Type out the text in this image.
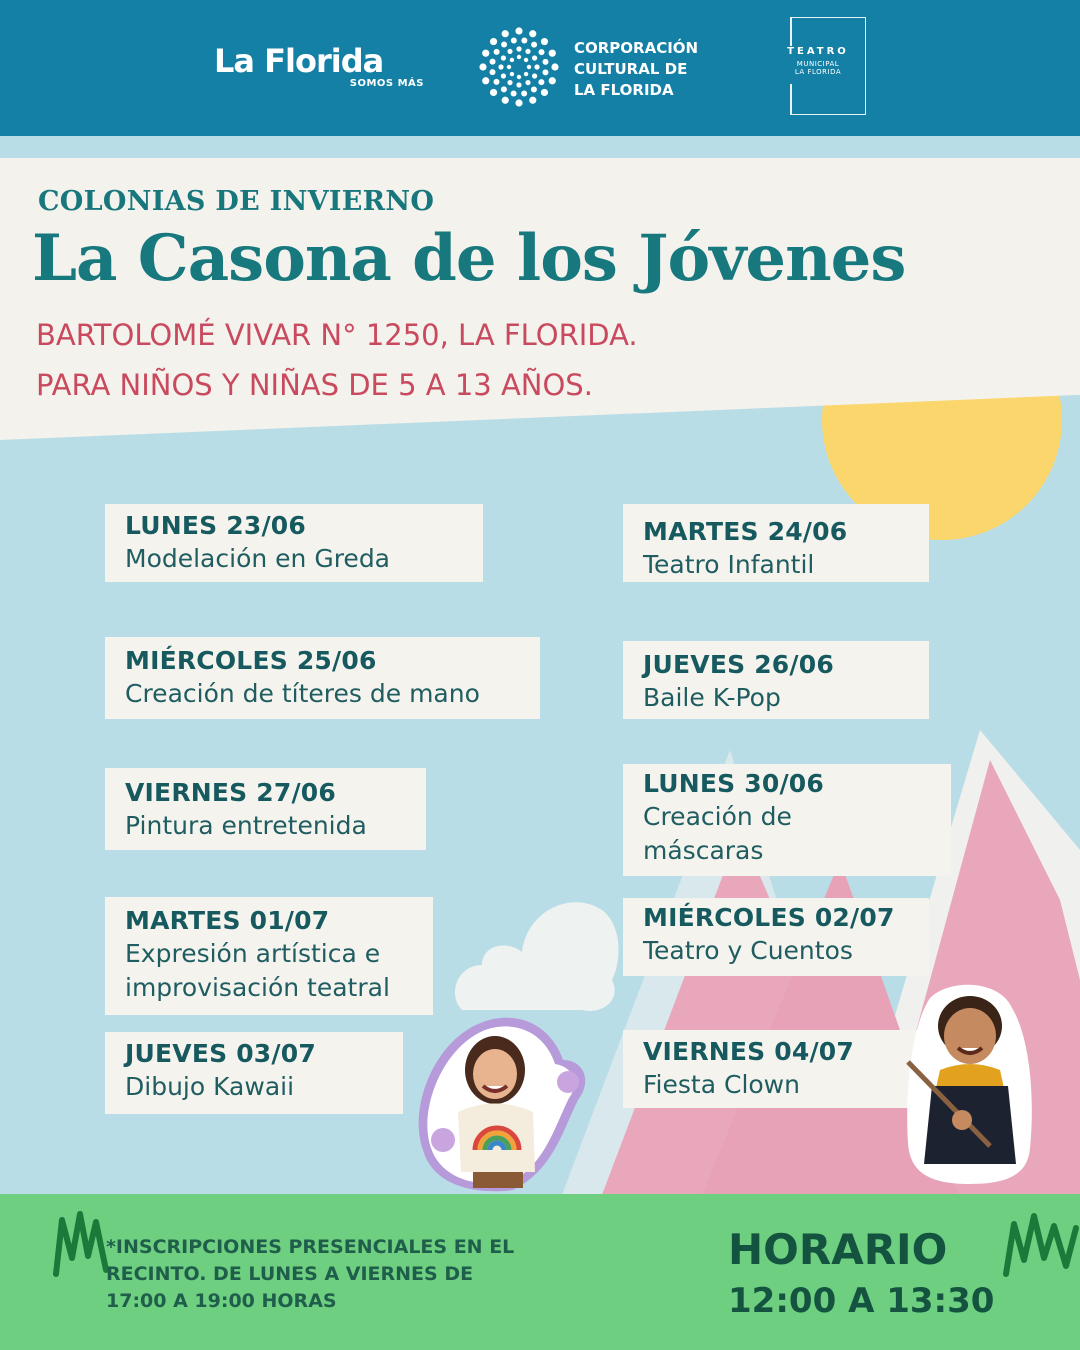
La Florida
SOMOS MÁS
CORPORACIÓN
CULTURAL DE
LA FLORIDA
TEATRO
MUNICIPAL
LA FLORIDA
COLONIAS DE INVIERNO
La Casona de los Jóvenes
BARTOLOMÉ VIVAR N° 1250, LA FLORIDA.
PARA NIÑOS Y NIÑAS DE 5 A 13 AÑOS.
LUNES 23/06
Modelación en Greda
MARTES 24/06
Teatro Infantil
MIÉRCOLES 25/06
Creación de títeres de mano
JUEVES 26/06
Baile K-Pop
VIERNES 27/06
Pintura entretenida
LUNES 30/06
Creación de
máscaras
MARTES 01/07
Expresión artística e
improvisación teatral
MIÉRCOLES 02/07
Teatro y Cuentos
JUEVES 03/07
Dibujo Kawaii
VIERNES 04/07
Fiesta Clown
*INSCRIPCIONES PRESENCIALES EN EL
RECINTO. DE LUNES A VIERNES DE
17:00 A 19:00 HORAS
HORARIO
12:00 A 13:30
